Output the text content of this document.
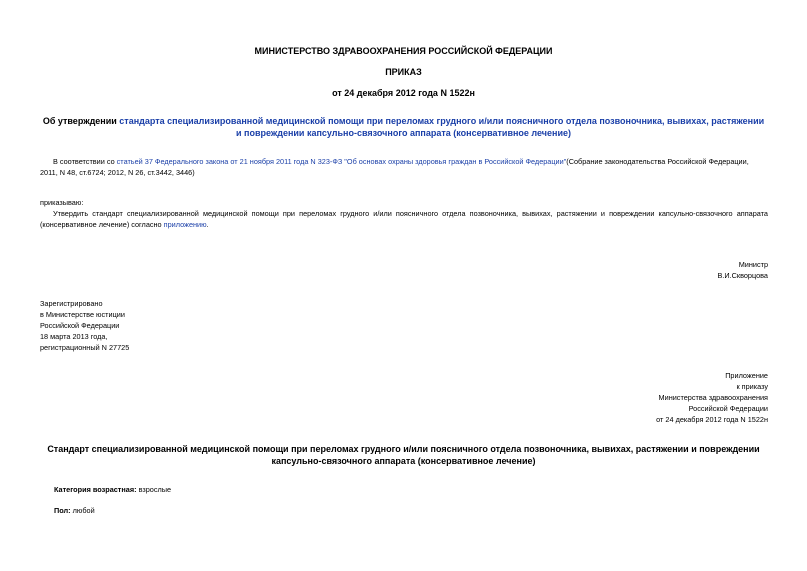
МИНИСТЕРСТВО ЗДРАВООХРАНЕНИЯ РОССИЙСКОЙ ФЕДЕРАЦИИ
ПРИКАЗ
от 24 декабря 2012 года N 1522н
Об утверждении стандарта специализированной медицинской помощи при переломах грудного и/или поясничного отдела позвоночника, вывихах, растяжении и повреждении капсульно-связочного аппарата (консервативное лечение)
В соответствии со статьей 37 Федерального закона от 21 ноября 2011 года N 323-ФЗ "Об основах охраны здоровья граждан в Российской Федерации"(Собрание законодательства Российской Федерации, 2011, N 48, ст.6724; 2012, N 26, ст.3442, 3446)
приказываю:
Утвердить стандарт специализированной медицинской помощи при переломах грудного и/или поясничного отдела позвоночника, вывихах, растяжении и повреждении капсульно-связочного аппарата (консервативное лечение) согласно приложению.
Министр
В.И.Скворцова
Зарегистрировано
в Министерстве юстиции
Российской Федерации
18 марта 2013 года,
регистрационный N 27725
Приложение
к приказу
Министерства здравоохранения
Российской Федерации
от 24 декабря 2012 года N 1522н
Стандарт специализированной медицинской помощи при переломах грудного и/или поясничного отдела позвоночника, вывихах, растяжении и повреждении капсульно-связочного аппарата (консервативное лечение)
Категория возрастная: взрослые
Пол: любой
